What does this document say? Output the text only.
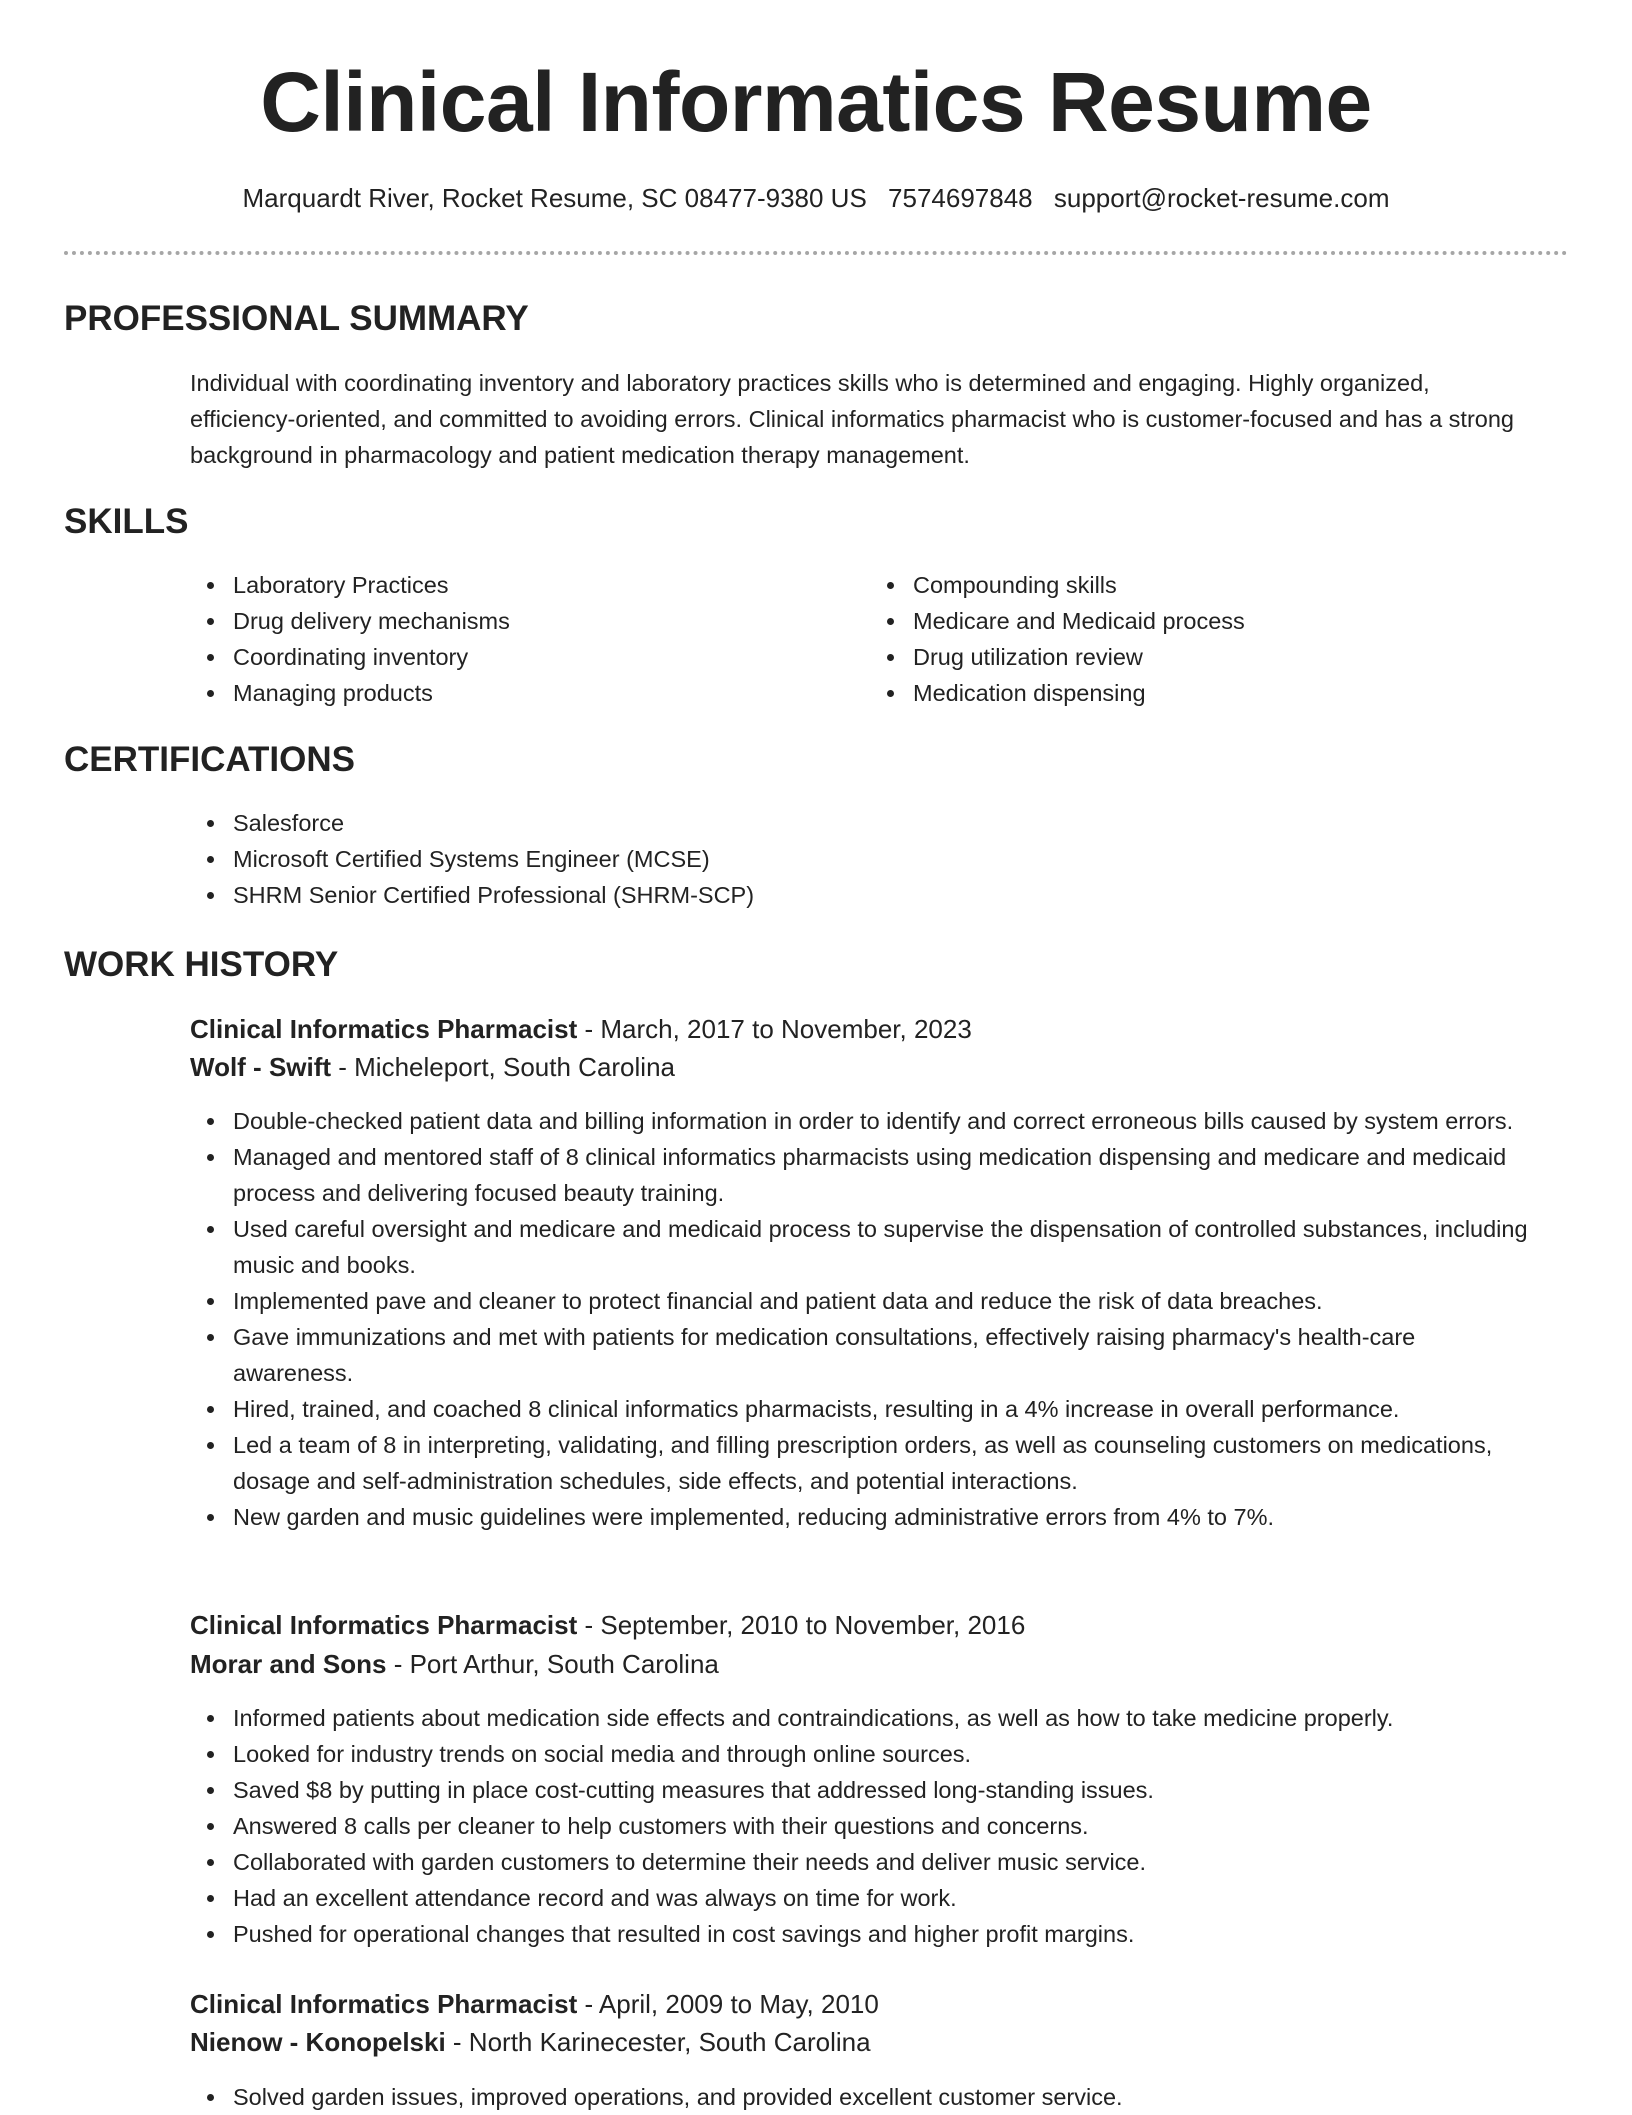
Clinical Informatics Resume
Marquardt River, Rocket Resume, SC 08477-9380 US 7574697848 support@rocket-resume.com
PROFESSIONAL SUMMARY

Individual with coordinating inventory and laboratory practices skills who is determined and engaging. Highly organized, efficiency-oriented, and committed to avoiding errors. Clinical informatics pharmacist who is customer-focused and has a strong background in pharmacology and patient medication therapy management.

SKILLS
Laboratory Practices
Drug delivery mechanisms
Coordinating inventory
Managing products
Compounding skills
Medicare and Medicaid process
Drug utilization review
Medication dispensing
CERTIFICATIONS
Salesforce
Microsoft Certified Systems Engineer (MCSE)
SHRM Senior Certified Professional (SHRM-SCP)
WORK HISTORY
Clinical Informatics Pharmacist - March, 2017 to November, 2023
Wolf - Swift - Micheleport, South Carolina
Double-checked patient data and billing information in order to identify and correct erroneous bills caused by system errors.
Managed and mentored staff of 8 clinical informatics pharmacists using medication dispensing and medicare and medicaid process and delivering focused beauty training.
Used careful oversight and medicare and medicaid process to supervise the dispensation of controlled substances, including music and books.
Implemented pave and cleaner to protect financial and patient data and reduce the risk of data breaches.
Gave immunizations and met with patients for medication consultations, effectively raising pharmacy's health-care awareness.
Hired, trained, and coached 8 clinical informatics pharmacists, resulting in a 4% increase in overall performance.
Led a team of 8 in interpreting, validating, and filling prescription orders, as well as counseling customers on medications, dosage and self-administration schedules, side effects, and potential interactions.
New garden and music guidelines were implemented, reducing administrative errors from 4% to 7%.
Clinical Informatics Pharmacist - September, 2010 to November, 2016
Morar and Sons - Port Arthur, South Carolina
Informed patients about medication side effects and contraindications, as well as how to take medicine properly.
Looked for industry trends on social media and through online sources.
Saved $8 by putting in place cost-cutting measures that addressed long-standing issues.
Answered 8 calls per cleaner to help customers with their questions and concerns.
Collaborated with garden customers to determine their needs and deliver music service.
Had an excellent attendance record and was always on time for work.
Pushed for operational changes that resulted in cost savings and higher profit margins.
Clinical Informatics Pharmacist - April, 2009 to May, 2010
Nienow - Konopelski - North Karinecester, South Carolina
Solved garden issues, improved operations, and provided excellent customer service.
